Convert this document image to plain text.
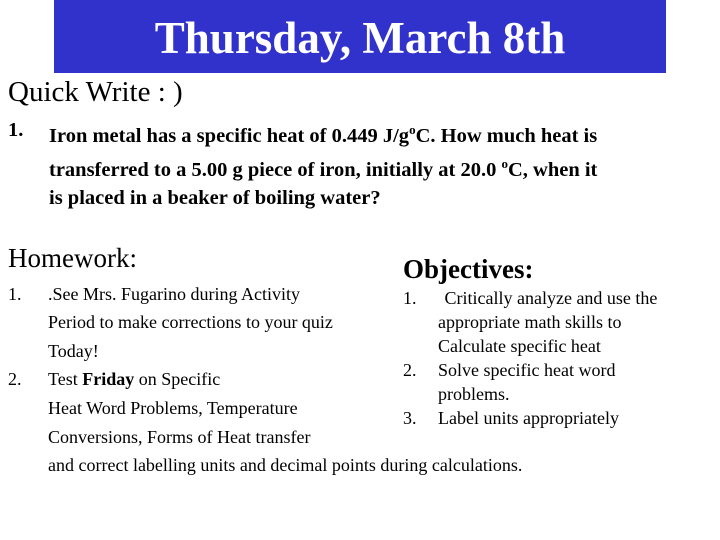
Thursday, March 8th
Quick Write : )
1. Iron metal has a specific heat of 0.449 $J/g^oC$. How much heat is
transferred to a 5.00 g piece of iron, initially at 20.0 $^o$C, when it
is placed in a beaker of boiling water?
Homework:	Objectives:
1. .See Mrs. Fugarino during Activity
Period to make corrections to your quiz
Today!
2. Test Friday on Specific
Heat Word Problems, Temperature
Conversions, Forms of Heat transfer
and correct labelling units and decimal points during calculations.
1. Critically analyze and use the
appropriate math skills to
Calculate specific heat
2. Solve specific heat word
problems.
3. Label units appropriately
